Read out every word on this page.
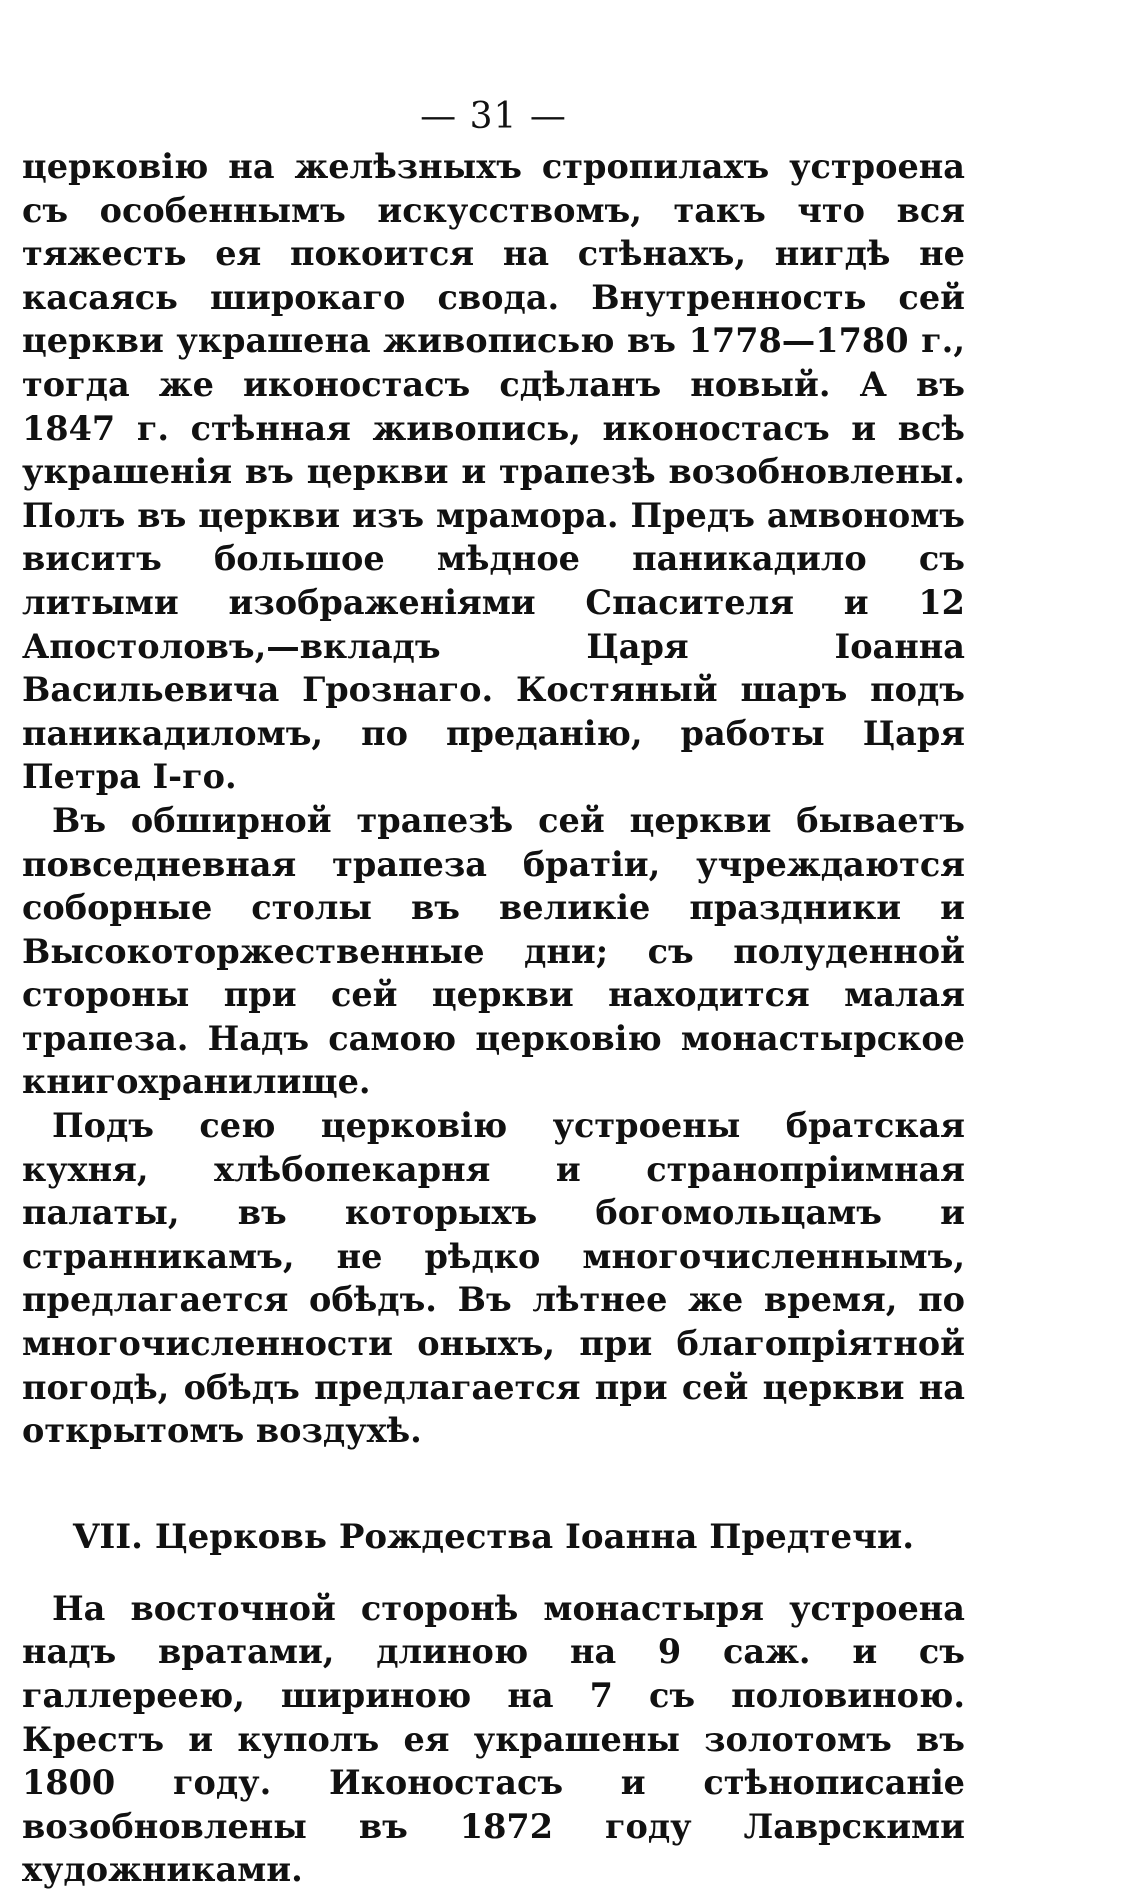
— 31 —

церковію на желѣзныхъ стропилахъ устроена съ особеннымъ искусствомъ, такъ что вся тяжесть ея покоится на стѣнахъ, нигдѣ не касаясь широкаго свода. Внутренность сей церкви украшена живописью въ 1778—1780 г., тогда же иконостасъ сдѣланъ новый. А въ 1847 г. стѣнная живопись, иконостасъ и всѣ украшенія въ церкви и трапезѣ возобновлены. Полъ въ церкви изъ мрамора. Предъ амвономъ виситъ большое мѣдное паникадило съ литыми изображеніями Спасителя и 12 Апостоловъ,—вкладъ Царя Іоанна Васильевича Грознаго. Костяный шаръ подъ паникадиломъ, по преданію, работы Царя Петра І-го.

Въ обширной трапезѣ сей церкви бываетъ повседневная трапеза братіи, учреждаются соборные столы въ великіе праздники и Высокоторжественные дни; съ полуденной стороны при сей церкви находится малая трапеза. Надъ самою церковію монастырское книгохранилище.

Подъ сею церковію устроены братская кухня, хлѣбопекарня и странопріимная палаты, въ которыхъ богомольцамъ и странникамъ, не рѣдко многочисленнымъ, предлагается обѣдъ. Въ лѣтнее же время, по многочисленности оныхъ, при благопріятной погодѣ, обѣдъ предлагается при сей церкви на открытомъ воздухѣ.

VII. Церковь Рождества Іоанна Предтечи.

На восточной сторонѣ монастыря устроена надъ вратами, длиною на 9 саж. и съ галлереею, шириною на 7 съ половиною. Крестъ и куполъ ея украшены золотомъ въ 1800 году. Иконостасъ и стѣнописаніе возобновлены въ 1872 году Лаврскими художниками.
